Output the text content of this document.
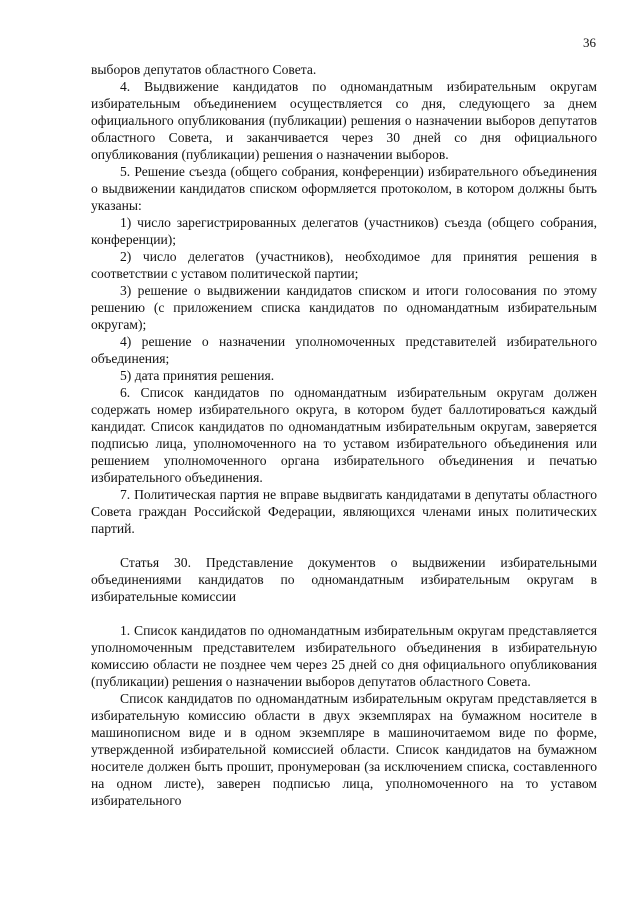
36

выборов депутатов областного Совета.

4. Выдвижение кандидатов по одномандатным избирательным округам избирательным объединением осуществляется со дня, следующего за днем официального опубликования (публикации) решения о назначении выборов депутатов областного Совета, и заканчивается через 30 дней со дня официального опубликования (публикации) решения о назначении выборов.

5. Решение съезда (общего собрания, конференции) избирательного объединения о выдвижении кандидатов списком оформляется протоколом, в котором должны быть указаны:

1) число зарегистрированных делегатов (участников) съезда (общего собрания, конференции);

2) число делегатов (участников), необходимое для принятия решения в соответствии с уставом политической партии;

3) решение о выдвижении кандидатов списком и итоги голосования по этому решению (с приложением списка кандидатов по одномандатным избирательным округам);

4) решение о назначении уполномоченных представителей избирательного объединения;

5) дата принятия решения.

6. Список кандидатов по одномандатным избирательным округам должен содержать номер избирательного округа, в котором будет баллотироваться каждый кандидат. Список кандидатов по одномандатным избирательным округам, заверяется подписью лица, уполномоченного на то уставом избирательного объединения или решением уполномоченного органа избирательного объединения и печатью избирательного объединения.

7. Политическая партия не вправе выдвигать кандидатами в депутаты областного Совета граждан Российской Федерации, являющихся членами иных политических партий.

Статья 30. Представление документов о выдвижении избирательными объединениями кандидатов по одномандатным избирательным округам в избирательные комиссии

1. Список кандидатов по одномандатным избирательным округам представляется уполномоченным представителем избирательного объединения в избирательную комиссию области не позднее чем через 25 дней со дня официального опубликования (публикации) решения о назначении выборов депутатов областного Совета.

Список кандидатов по одномандатным избирательным округам представляется в избирательную комиссию области в двух экземплярах на бумажном носителе в машинописном виде и в одном экземпляре в машиночитаемом виде по форме, утвержденной избирательной комиссией области. Список кандидатов на бумажном носителе должен быть прошит, пронумерован (за исключением списка, составленного на одном листе), заверен подписью лица, уполномоченного на то уставом избирательного
